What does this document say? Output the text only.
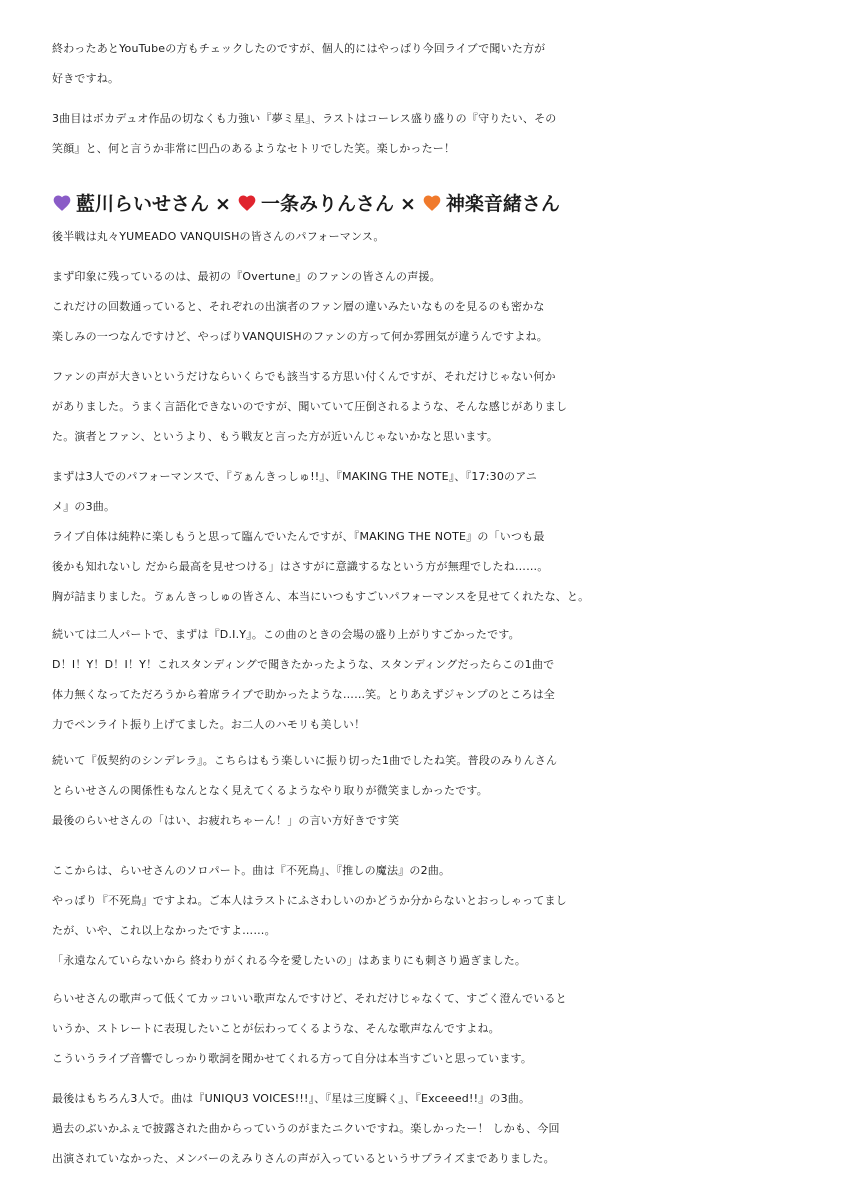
終わったあとYouTubeの方もチェックしたのですが、個人的にはやっぱり今回ライブで聞いた方が
好きですね。
3曲目はボカデュオ作品の切なくも力強い『夢ミ星』、ラストはコーレス盛り盛りの『守りたい、その
笑顔』と、何と言うか非常に凹凸のあるようなセトリでした笑。楽しかったー！
藍川らいせさん × 一条みりんさん × 神楽音緒さん
後半戦は丸々YUMEADO VANQUISHの皆さんのパフォーマンス。
まず印象に残っているのは、最初の『Overtune』のファンの皆さんの声援。
これだけの回数通っていると、それぞれの出演者のファン層の違いみたいなものを見るのも密かな
楽しみの一つなんですけど、やっぱりVANQUISHのファンの方って何か雰囲気が違うんですよね。
ファンの声が大きいというだけならいくらでも該当する方思い付くんですが、それだけじゃない何か
がありました。うまく言語化できないのですが、聞いていて圧倒されるような、そんな感じがありまし
た。演者とファン、というより、もう戦友と言った方が近いんじゃないかなと思います。
まずは3人でのパフォーマンスで、『ゔぁんきっしゅ!!』、『MAKING THE NOTE』、『17:30のアニ
メ』の3曲。
ライブ自体は純粋に楽しもうと思って臨んでいたんですが、『MAKING THE NOTE』の「いつも最
後かも知れないし だから最高を見せつける」はさすがに意識するなという方が無理でしたね……。
胸が詰まりました。ゔぁんきっしゅの皆さん、本当にいつもすごいパフォーマンスを見せてくれたな、と。
続いては二人パートで、まずは『D.I.Y』。この曲のときの会場の盛り上がりすごかったです。
D！I！Y！D！I！Y！これスタンディングで聞きたかったような、スタンディングだったらこの1曲で
体力無くなってただろうから着席ライブで助かったような……笑。とりあえずジャンプのところは全
力でペンライト振り上げてました。お二人のハモリも美しい！
続いて『仮契約のシンデレラ』。こちらはもう楽しいに振り切った1曲でしたね笑。普段のみりんさん
とらいせさんの関係性もなんとなく見えてくるようなやり取りが微笑ましかったです。
最後のらいせさんの「はい、お疲れちゃーん！」の言い方好きです笑
ここからは、らいせさんのソロパート。曲は『不死鳥』、『推しの魔法』の2曲。
やっぱり『不死鳥』ですよね。ご本人はラストにふさわしいのかどうか分からないとおっしゃってまし
たが、いや、これ以上なかったですよ……。
「永遠なんていらないから 終わりがくれる今を愛したいの」はあまりにも刺さり過ぎました。
らいせさんの歌声って低くてカッコいい歌声なんですけど、それだけじゃなくて、すごく澄んでいると
いうか、ストレートに表現したいことが伝わってくるような、そんな歌声なんですよね。
こういうライブ音響でしっかり歌詞を聞かせてくれる方って自分は本当すごいと思っています。
最後はもちろん3人で。曲は『UNIQU3 VOICES!!!』、『星は三度瞬く』、『Exceeed!!』の3曲。
過去のぶいかふぇで披露された曲からっていうのがまたニクいですね。楽しかったー！ しかも、今回
出演されていなかった、メンバーのえみりさんの声が入っているというサプライズまでありました。
